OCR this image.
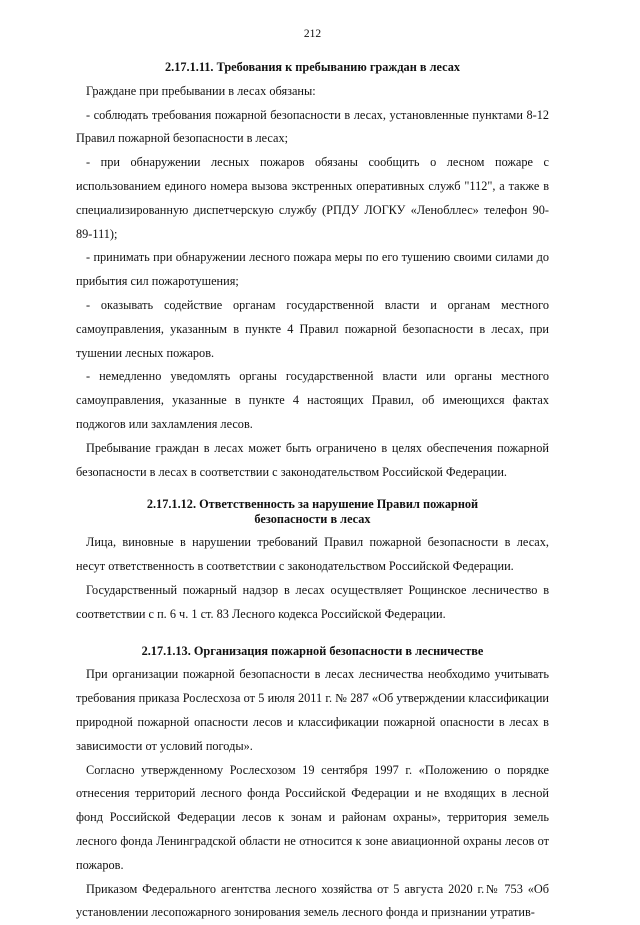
212
2.17.1.11. Требования к пребыванию граждан в лесах

Граждане при пребывании в лесах обязаны:

- соблюдать требования пожарной безопасности в лесах, установленные пунктами 8-12 Правил пожарной безопасности в лесах;

- при обнаружении лесных пожаров обязаны сообщить о лесном пожаре с использованием единого номера вызова экстренных оперативных служб "112", а также в специализированную диспетчерскую службу (РПДУ ЛОГКУ «Ленобллес» телефон 90-89-111);

- принимать при обнаружении лесного пожара меры по его тушению своими силами до прибытия сил пожаротушения;

- оказывать содействие органам государственной власти и органам местного самоуправления, указанным в пункте 4 Правил пожарной безопасности в лесах, при тушении лесных пожаров.

- немедленно уведомлять органы государственной власти или органы местного самоуправления, указанные в пункте 4 настоящих Правил, об имеющихся фактах поджогов или захламления лесов.

Пребывание граждан в лесах может быть ограничено в целях обеспечения пожарной безопасности в лесах в соответствии с законодательством Российской Федерации.

2.17.1.12. Ответственность за нарушение Правил пожарной
безопасности в лесах

Лица, виновные в нарушении требований Правил пожарной безопасности в лесах, несут ответственность в соответствии с законодательством Российской Федерации.

Государственный пожарный надзор в лесах осуществляет Рощинское лесничество в соответствии с п. 6 ч. 1 ст. 83 Лесного кодекса Российской Федерации.

2.17.1.13. Организация пожарной безопасности в лесничестве

При организации пожарной безопасности в лесах лесничества необходимо учитывать требования приказа Рослесхоза от 5 июля 2011 г. № 287 «Об утверждении классификации природной пожарной опасности лесов и классификации пожарной опасности в лесах в зависимости от условий погоды».

Согласно утвержденному Рослесхозом 19 сентября 1997 г. «Положению о порядке отнесения территорий лесного фонда Российской Федерации и не входящих в лесной фонд Российской Федерации лесов к зонам и районам охраны», территория земель лесного фонда Ленинградской области не относится к зоне авиационной охраны лесов от пожаров.

Приказом Федерального агентства лесного хозяйства от 5 августа 2020 г.№ 753 «Об установлении лесопожарного зонирования земель лесного фонда и признании утратив-
